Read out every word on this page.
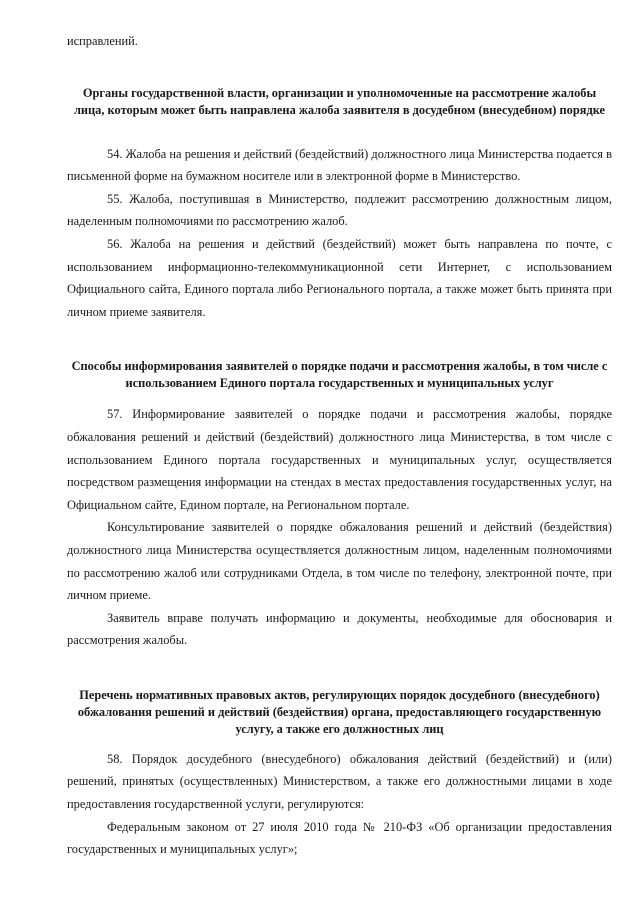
исправлений.

Органы государственной власти, организации и уполномоченные на рассмотрение жалобы лица, которым может быть направлена жалоба заявителя в досудебном (внесудебном) порядке

54. Жалоба на решения и действий (бездействий) должностного лица Министерства подается в письменной форме на бумажном носителе или в электронной форме в Министерство.

55. Жалоба, поступившая в Министерство, подлежит рассмотрению должностным лицом, наделенным полномочиями по рассмотрению жалоб.

56. Жалоба на решения и действий (бездействий) может быть направлена по почте, с использованием информационно-телекоммуникационной сети Интернет, с использованием Официального сайта, Единого портала либо Регионального портала, а также может быть принята при личном приеме заявителя.

Способы информирования заявителей о порядке подачи и рассмотрения жалобы, в том числе с использованием Единого портала государственных и муниципальных услуг

57. Информирование заявителей о порядке подачи и рассмотрения жалобы, порядке обжалования решений и действий (бездействий) должностного лица Министерства, в том числе с использованием Единого портала государственных и муниципальных услуг, осуществляется посредством размещения информации на стендах в местах предоставления государственных услуг, на Официальном сайте, Едином портале, на Региональном портале.

Консультирование заявителей о порядке обжалования решений и действий (бездействия) должностного лица Министерства осуществляется должностным лицом, наделенным полномочиями по рассмотрению жалоб или сотрудниками Отдела, в том числе по телефону, электронной почте, при личном приеме.

Заявитель вправе получать информацию и документы, необходимые для обосновария и рассмотрения жалобы.

Перечень нормативных правовых актов, регулирующих порядок досудебного (внесудебного) обжалования решений и действий (бездействия) органа, предоставляющего государственную услугу, а также его должностных лиц

58. Порядок досудебного (внесудебного) обжалования действий (бездействий) и (или) решений, принятых (осуществленных) Министерством, а также его должностными лицами в ходе предоставления государственной услуги, регулируются:

Федеральным законом от 27 июля 2010 года № 210-ФЗ «Об организации предоставления государственных и муниципальных услуг»;
